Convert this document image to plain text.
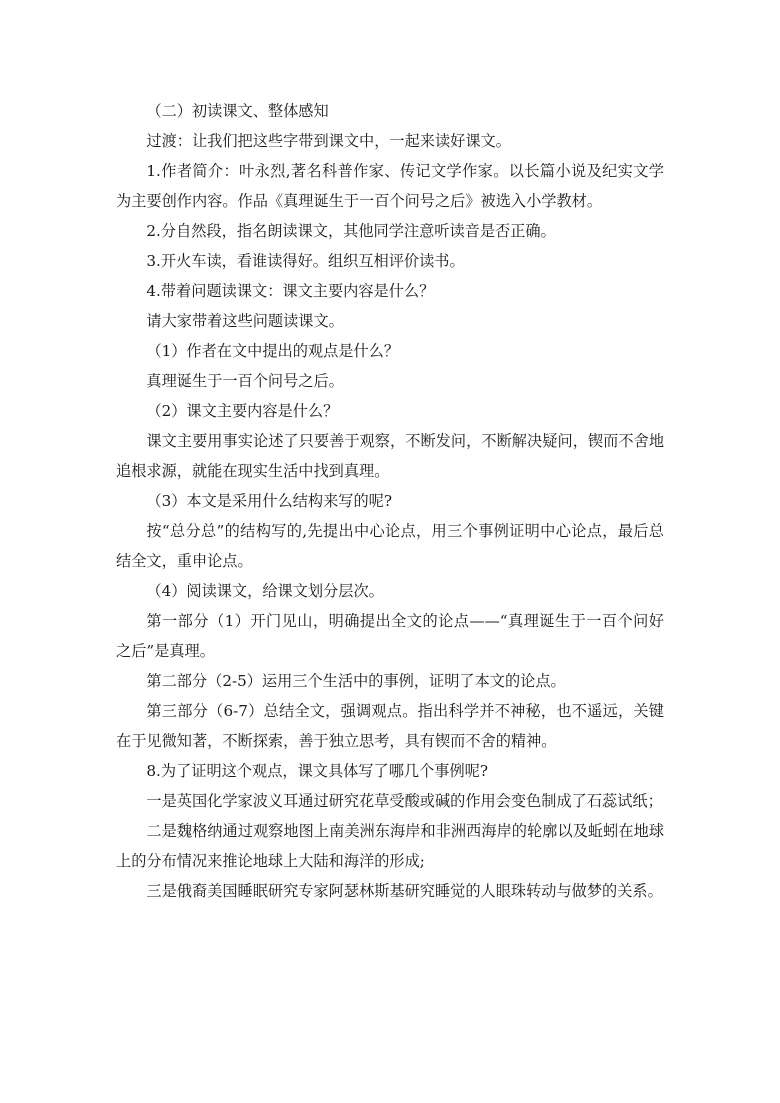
（二）初读课文、整体感知

过渡：让我们把这些字带到课文中，一起来读好课文。

1.作者简介：叶永烈,著名科普作家、传记文学作家。以长篇小说及纪实文学为主要创作内容。作品《真理诞生于一百个问号之后》被选入小学教材。

2.分自然段，指名朗读课文，其他同学注意听读音是否正确。

3.开火车读，看谁读得好。组织互相评价读书。

4.带着问题读课文：课文主要内容是什么？

请大家带着这些问题读课文。

（1）作者在文中提出的观点是什么？

真理诞生于一百个问号之后。

（2）课文主要内容是什么？

课文主要用事实论述了只要善于观察，不断发问，不断解决疑问，锲而不舍地追根求源，就能在现实生活中找到真理。

（3）本文是采用什么结构来写的呢?

按“总分总”的结构写的,先提出中心论点，用三个事例证明中心论点，最后总结全文，重申论点。

（4）阅读课文，给课文划分层次。

第一部分（1）开门见山，明确提出全文的论点——“真理诞生于一百个问好之后”是真理。

第二部分（2-5）运用三个生活中的事例，证明了本文的论点。

第三部分（6-7）总结全文，强调观点。指出科学并不神秘，也不遥远，关键在于见微知著，不断探索，善于独立思考，具有锲而不舍的精神。

8.为了证明这个观点，课文具体写了哪几个事例呢?

一是英国化学家波义耳通过研究花草受酸或碱的作用会变色制成了石蕊试纸；

二是魏格纳通过观察地图上南美洲东海岸和非洲西海岸的轮廓以及蚯蚓在地球上的分布情况来推论地球上大陆和海洋的形成;

三是俄裔美国睡眠研究专家阿瑟林斯基研究睡觉的人眼珠转动与做梦的关系。
